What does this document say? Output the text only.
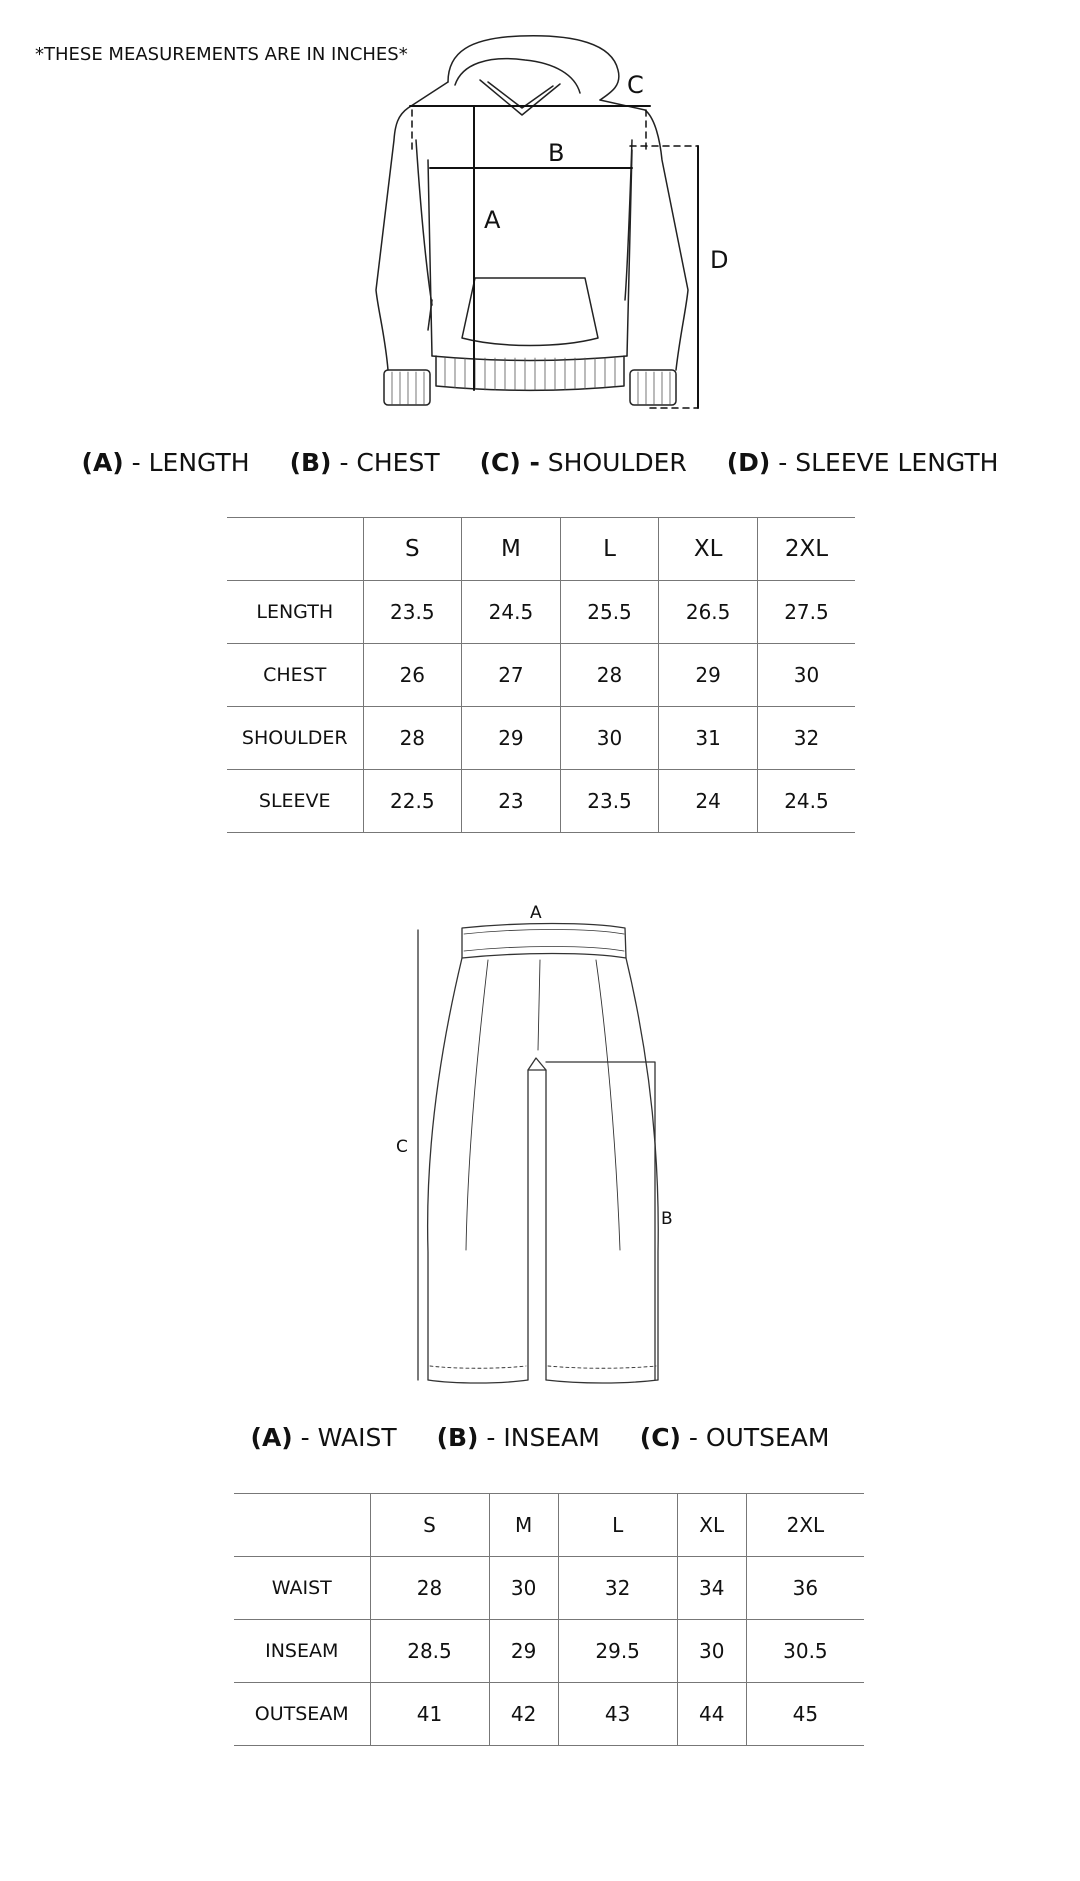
*THESE MEASUREMENTS ARE IN INCHES*
C
B
A
D
A
B
C
(A) - LENGTH (B) - CHEST (C) - SHOULDER (D) - SLEEVE LENGTH
	S	M	L	XL	2XL
LENGTH	23.5	24.5	25.5	26.5	27.5
CHEST	26	27	28	29	30
SHOULDER	28	29	30	31	32
SLEEVE	22.5	23	23.5	24	24.5
(A) - WAIST (B) - INSEAM (C) - OUTSEAM
	S	M	L	XL	2XL
WAIST	28	30	32	34	36
INSEAM	28.5	29	29.5	30	30.5
OUTSEAM	41	42	43	44	45
